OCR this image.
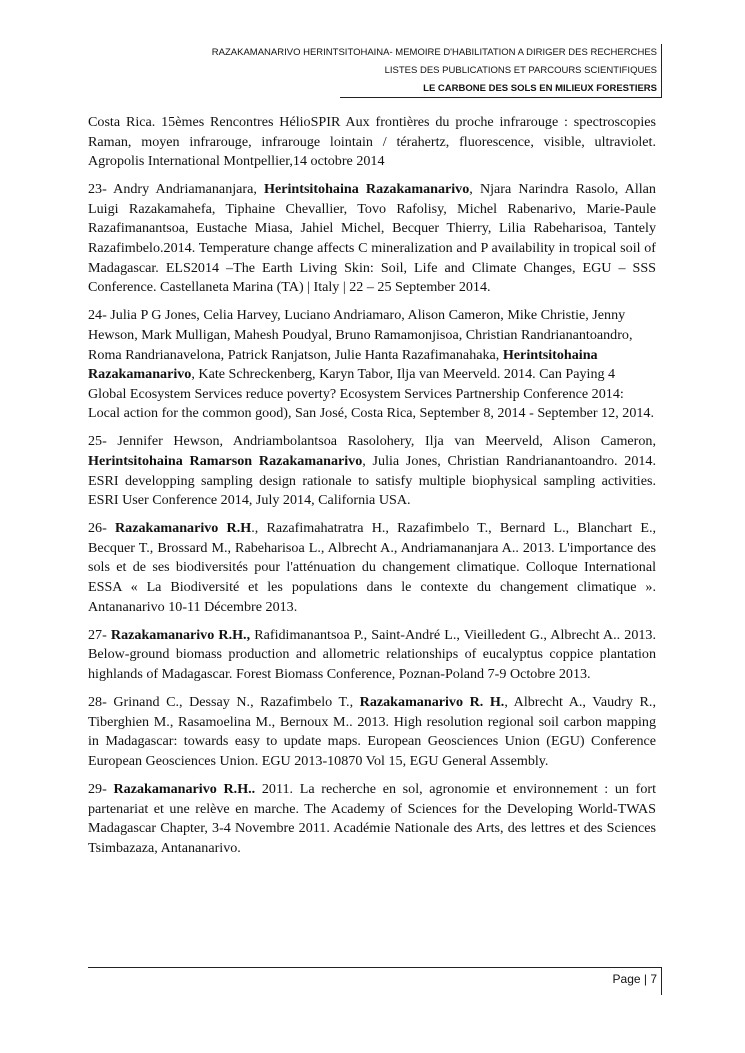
RAZAKAMANARIVO HERINTSITOHAINA- MEMOIRE D'HABILITATION A DIRIGER DES RECHERCHES
LISTES DES PUBLICATIONS ET PARCOURS SCIENTIFIQUES
LE CARBONE DES SOLS EN MILIEUX FORESTIERS

Costa Rica. 15èmes Rencontres HélioSPIR Aux frontières du proche infrarouge : spectroscopies Raman, moyen infrarouge, infrarouge lointain / térahertz, fluorescence, visible, ultraviolet. Agropolis International Montpellier,14 octobre 2014

23- Andry Andriamananjara, Herintsitohaina Razakamanarivo, Njara Narindra Rasolo, Allan Luigi Razakamahefa, Tiphaine Chevallier, Tovo Rafolisy, Michel Rabenarivo, Marie-Paule Razafimanantsoa, Eustache Miasa, Jahiel Michel, Becquer Thierry, Lilia Rabeharisoa, Tantely Razafimbelo.2014. Temperature change affects C mineralization and P availability in tropical soil of Madagascar. ELS2014 –The Earth Living Skin: Soil, Life and Climate Changes, EGU – SSS Conference. Castellaneta Marina (TA) | Italy | 22 – 25 September 2014.

24- Julia P G Jones, Celia Harvey, Luciano Andriamaro, Alison Cameron, Mike Christie, Jenny Hewson, Mark Mulligan, Mahesh Poudyal, Bruno Ramamonjisoa, Christian Randrianantoandro, Roma Randrianavelona, Patrick Ranjatson, Julie Hanta Razafimanahaka, Herintsitohaina Razakamanarivo, Kate Schreckenberg, Karyn Tabor, Ilja van Meerveld. 2014. Can Paying 4 Global Ecosystem Services reduce poverty? Ecosystem Services Partnership Conference 2014: Local action for the common good), San José, Costa Rica, September 8, 2014 - September 12, 2014.

25- Jennifer Hewson, Andriambolantsoa Rasolohery, Ilja van Meerveld, Alison Cameron, Herintsitohaina Ramarson Razakamanarivo, Julia Jones, Christian Randrianantoandro. 2014. ESRI developping sampling design rationale to satisfy multiple biophysical sampling activities. ESRI User Conference 2014, July 2014, California USA.

26- Razakamanarivo R.H., Razafimahatratra H., Razafimbelo T., Bernard L., Blanchart E., Becquer T., Brossard M., Rabeharisoa L., Albrecht A., Andriamananjara A.. 2013. L'importance des sols et de ses biodiversités pour l'atténuation du changement climatique. Colloque International ESSA « La Biodiversité et les populations dans le contexte du changement climatique ». Antananarivo 10-11 Décembre 2013.

27- Razakamanarivo R.H., Rafidimanantsoa P., Saint-André L., Vieilledent G., Albrecht A.. 2013. Below-ground biomass production and allometric relationships of eucalyptus coppice plantation highlands of Madagascar. Forest Biomass Conference, Poznan-Poland 7-9 Octobre 2013.

28- Grinand C., Dessay N., Razafimbelo T., Razakamanarivo R. H., Albrecht A., Vaudry R., Tiberghien M., Rasamoelina M., Bernoux M.. 2013. High resolution regional soil carbon mapping in Madagascar: towards easy to update maps. European Geosciences Union (EGU) Conference European Geosciences Union. EGU 2013-10870 Vol 15, EGU General Assembly.

29- Razakamanarivo R.H.. 2011. La recherche en sol, agronomie et environnement : un fort partenariat et une relève en marche. The Academy of Sciences for the Developing World-TWAS Madagascar Chapter, 3-4 Novembre 2011. Académie Nationale des Arts, des lettres et des Sciences Tsimbazaza, Antananarivo.

Page | 7
